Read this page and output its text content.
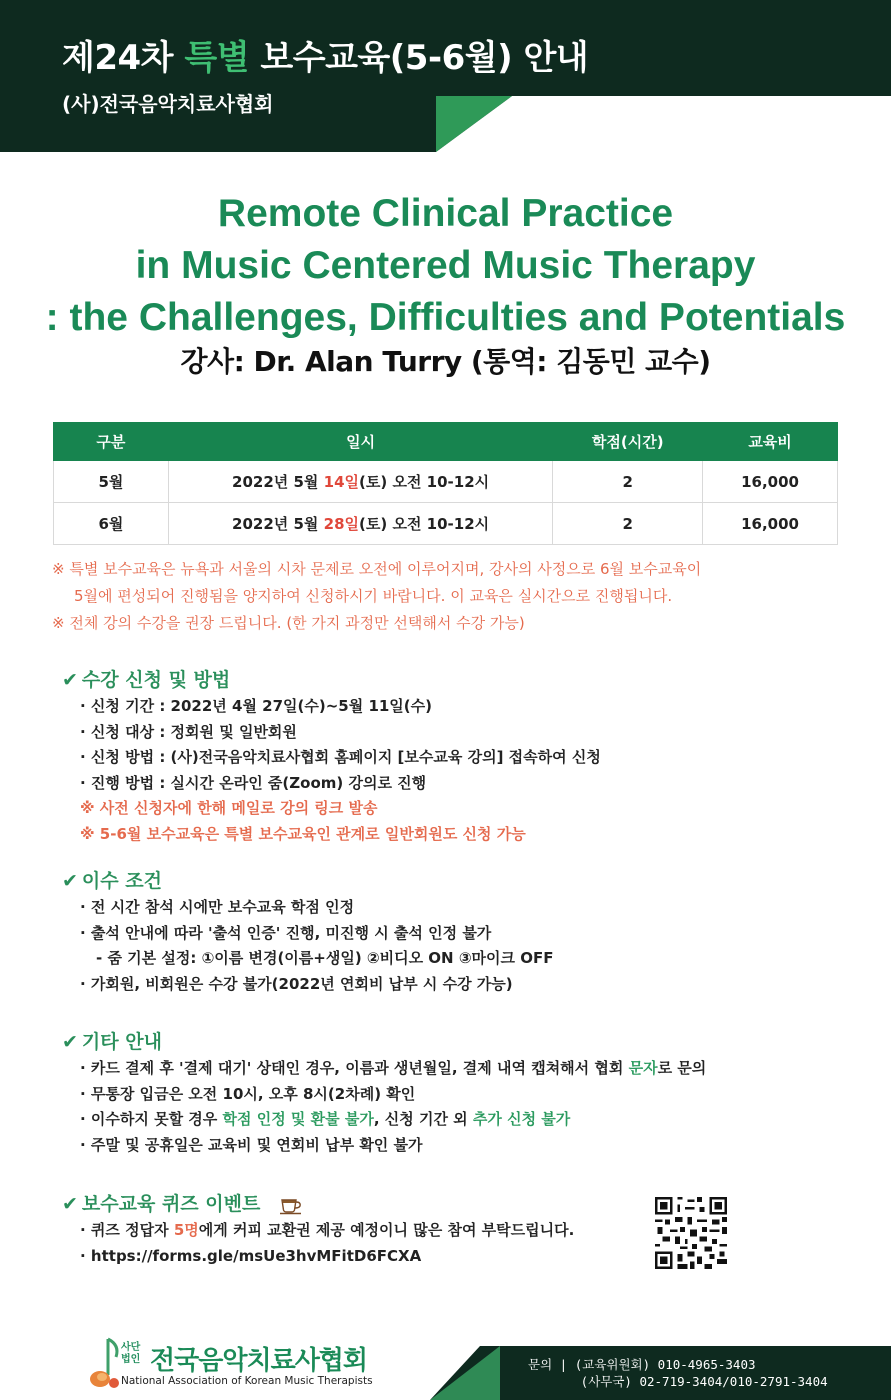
제24차 특별 보수교육(5-6월) 안내
(사)전국음악치료사협회
Remote Clinical Practice
in Music Centered Music Therapy
: the Challenges, Difficulties and Potentials
강사: Dr. Alan Turry (통역: 김동민 교수)
구분	일시	학점(시간)	교육비
5월	2022년 5월 14일(토) 오전 10-12시	2	16,000
6월	2022년 5월 28일(토) 오전 10-12시	2	16,000
※ 특별 보수교육은 뉴욕과 서울의 시차 문제로 오전에 이루어지며, 강사의 사정으로 6월 보수교육이
5월에 편성되어 진행됨을 양지하여 신청하시기 바랍니다. 이 교육은 실시간으로 진행됩니다.
※ 전체 강의 수강을 권장 드립니다. (한 가지 과정만 선택해서 수강 가능)
✔ 수강 신청 및 방법
· 신청 기간 : 2022년 4월 27일(수)~5월 11일(수)
· 신청 대상 : 정회원 및 일반회원
· 신청 방법 : (사)전국음악치료사협회 홈페이지 [보수교육 강의] 접속하여 신청
· 진행 방법 : 실시간 온라인 줌(Zoom) 강의로 진행
※ 사전 신청자에 한해 메일로 강의 링크 발송
※ 5-6월 보수교육은 특별 보수교육인 관계로 일반회원도 신청 가능
✔ 이수 조건
· 전 시간 참석 시에만 보수교육 학점 인정
· 출석 안내에 따라 '출석 인증' 진행, 미진행 시 출석 인정 불가
- 줌 기본 설정: ①이름 변경(이름+생일) ②비디오 ON ③마이크 OFF
· 가회원, 비회원은 수강 불가(2022년 연회비 납부 시 수강 가능)
✔ 기타 안내
· 카드 결제 후 '결제 대기' 상태인 경우, 이름과 생년월일, 결제 내역 캡쳐해서 협회 문자로 문의
· 무통장 입금은 오전 10시, 오후 8시(2차례) 확인
· 이수하지 못할 경우 학점 인정 및 환불 불가, 신청 기간 외 추가 신청 불가
· 주말 및 공휴일은 교육비 및 연회비 납부 확인 불가
✔ 보수교육 퀴즈 이벤트
· 퀴즈 정답자 5명에게 커피 교환권 제공 예정이니 많은 참여 부탁드립니다.
· https://forms.gle/msUe3hvMFitD6FCXA
사단
법인 전국음악치료사협회
National Association of Korean Music Therapists
문의 | (교육위원회) 010-4965-3403
(사무국) 02-719-3404/010-2791-3404
